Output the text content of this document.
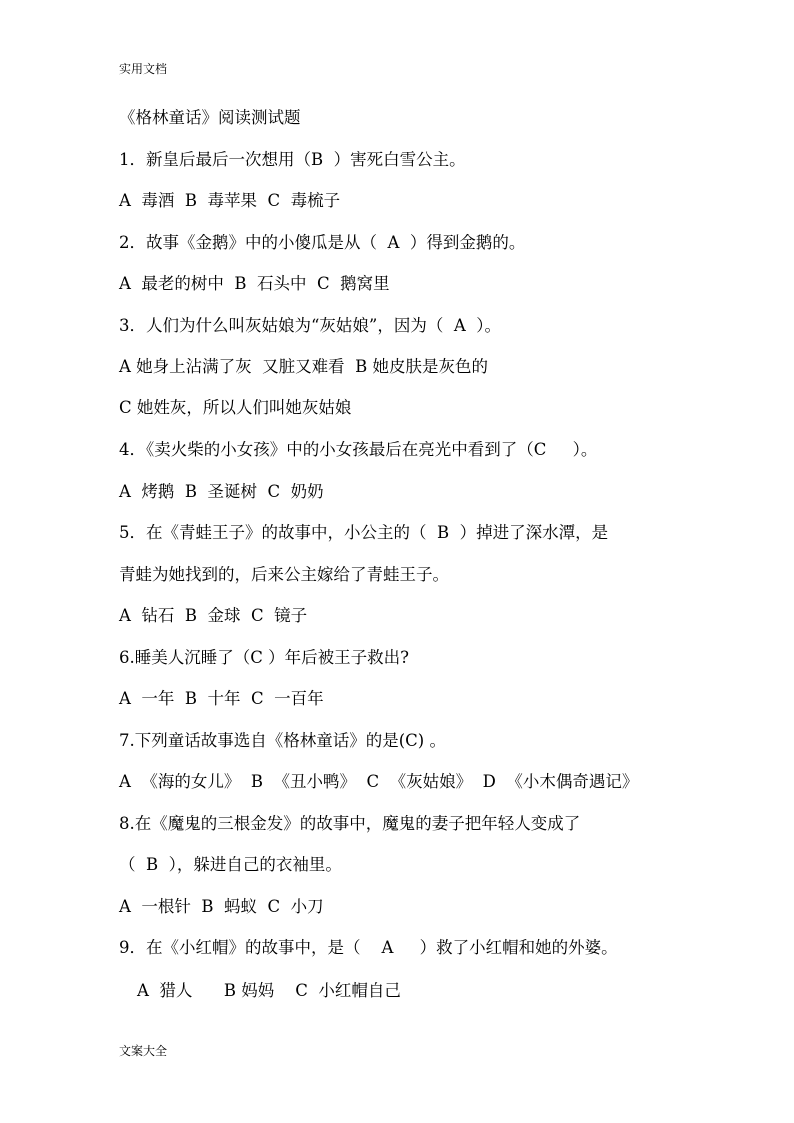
实用文档
《格林童话》阅读测试题
1．新皇后最后一次想用（B  ）害死白雪公主。
A  毒酒  B  毒苹果  C  毒梳子
2．故事《金鹅》中的小傻瓜是从（  A  ）得到金鹅的。
A  最老的树中  B  石头中  C  鹅窝里
3．人们为什么叫灰姑娘为“灰姑娘”，因为（  A  ）。
A 她身上沾满了灰  又脏又难看  B 她皮肤是灰色的
C 她姓灰，所以人们叫她灰姑娘
4．《卖火柴的小女孩》中的小女孩最后在亮光中看到了（C     ）。
A  烤鹅  B  圣诞树  C  奶奶
5．在《青蛙王子》的故事中，小公主的（  B  ）掉进了深水潭，是
青蛙为她找到的，后来公主嫁给了青蛙王子。
A  钻石  B  金球  C  镜子
6.睡美人沉睡了（C ）年后被王子救出?
A  一年  B  十年  C  一百年
7.下列童话故事选自《格林童话》的是(C) 。
A  《海的女儿》  B  《丑小鸭》  C  《灰姑娘》  D  《小木偶奇遇记》
8.在《魔鬼的三根金发》的故事中，魔鬼的妻子把年轻人变成了
（  B  ），躲进自己的衣袖里。
A  一根针  B  蚂蚁  C  小刀
9．在《小红帽》的故事中，是（    A     ）救了小红帽和她的外婆。
A  猎人      B 妈妈    C  小红帽自己
文案大全
